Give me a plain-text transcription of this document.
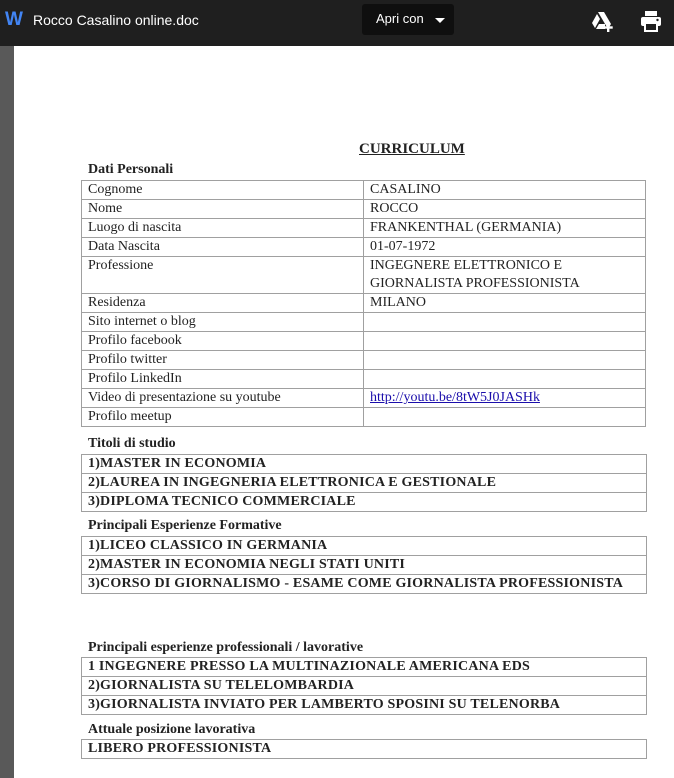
W Rocco Casalino online.doc	Apri con
CURRICULUM
Dati Personali
Cognome	CASALINO
Nome	ROCCO
Luogo di nascita	FRANKENTHAL (GERMANIA)
Data Nascita	01-07-1972
Professione	INGEGNERE ELETTRONICO E GIORNALISTA PROFESSIONISTA
Residenza	MILANO
Sito internet o blog	
Profilo facebook	
Profilo twitter	
Profilo LinkedIn	
Video di presentazione su youtube	http://youtu.be/8tW5J0JASHk
Profilo meetup	
Titoli di studio
1)MASTER IN ECONOMIA
2)LAUREA IN INGEGNERIA ELETTRONICA E GESTIONALE
3)DIPLOMA TECNICO COMMERCIALE
Principali Esperienze Formative
1)LICEO CLASSICO IN GERMANIA
2)MASTER IN ECONOMIA NEGLI STATI UNITI
3)CORSO DI GIORNALISMO - ESAME COME GIORNALISTA PROFESSIONISTA
Principali esperienze professionali / lavorative
1 INGEGNERE PRESSO LA MULTINAZIONALE AMERICANA EDS
2)GIORNALISTA SU TELELOMBARDIA
3)GIORNALISTA INVIATO PER LAMBERTO SPOSINI SU TELENORBA
Attuale posizione lavorativa
LIBERO PROFESSIONISTA
